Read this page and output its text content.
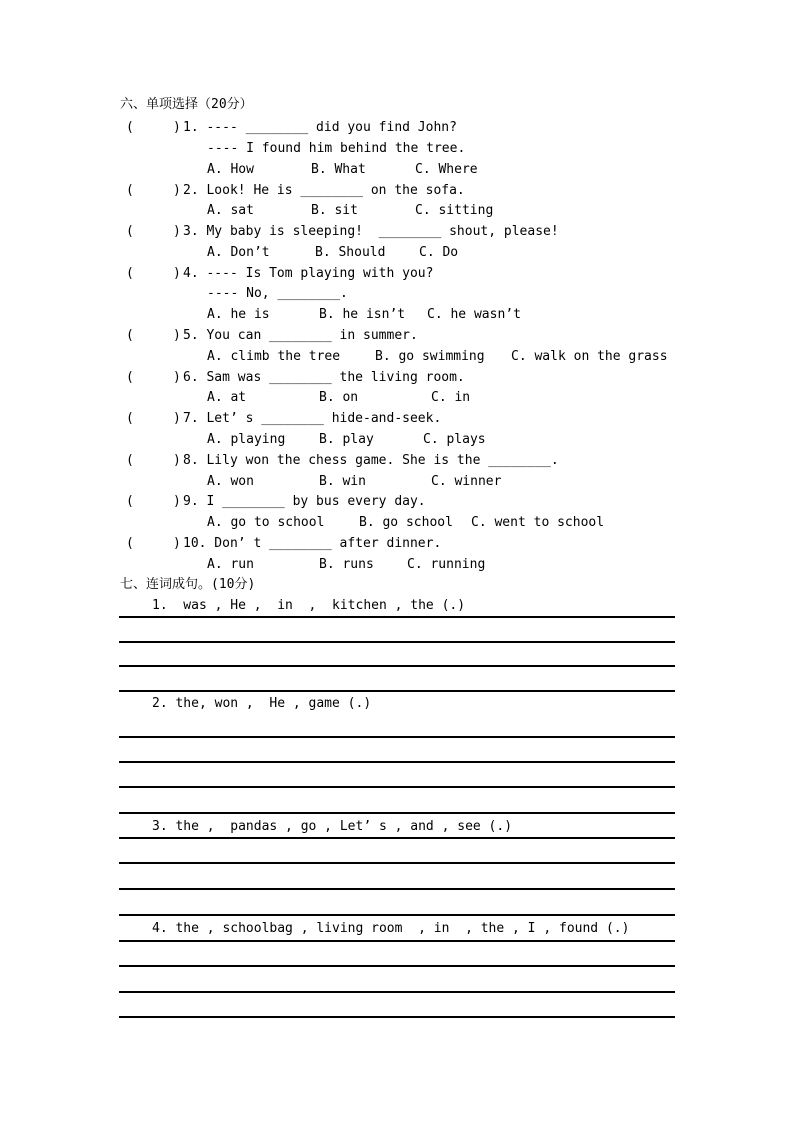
六、单项选择（20分）
(     ) 1. ---- ________ did you find John?
---- I found him behind the tree.
A. How	B. What	C. Where
(     ) 2. Look! He is ________ on the sofa.
A. sat	B. sit	C. sitting
(     ) 3. My baby is sleeping!  ________ shout, please!
A. Don’t	B. Should	C. Do
(     ) 4. ---- Is Tom playing with you?
---- No, ________.
A. he is	B. he isn’t C. he wasn’t
(     ) 5. You can ________ in summer.
A. climb the tree	B. go swimming C. walk on the grass
(     ) 6. Sam was ________ the living room.
A. at	B. on	C. in
(     ) 7. Let’ s ________ hide-and-seek.
A. playing	B. play	C. plays
(     ) 8. Lily won the chess game. She is the ________.
A. won	B. win	C. winner
(     ) 9. I ________ by bus every day.
A. go to school	B. go school C. went to school
(     ) 10. Don’ t ________ after dinner.
A. run	B. runs	C. running
七、连词成句。(10分)
1.  was , He ,  in  ,  kitchen , the (.)
2. the, won ,  He , game (.)
3. the ,  pandas , go , Let’ s , and , see (.)
4. the , schoolbag , living room  , in  , the , I , found (.)
